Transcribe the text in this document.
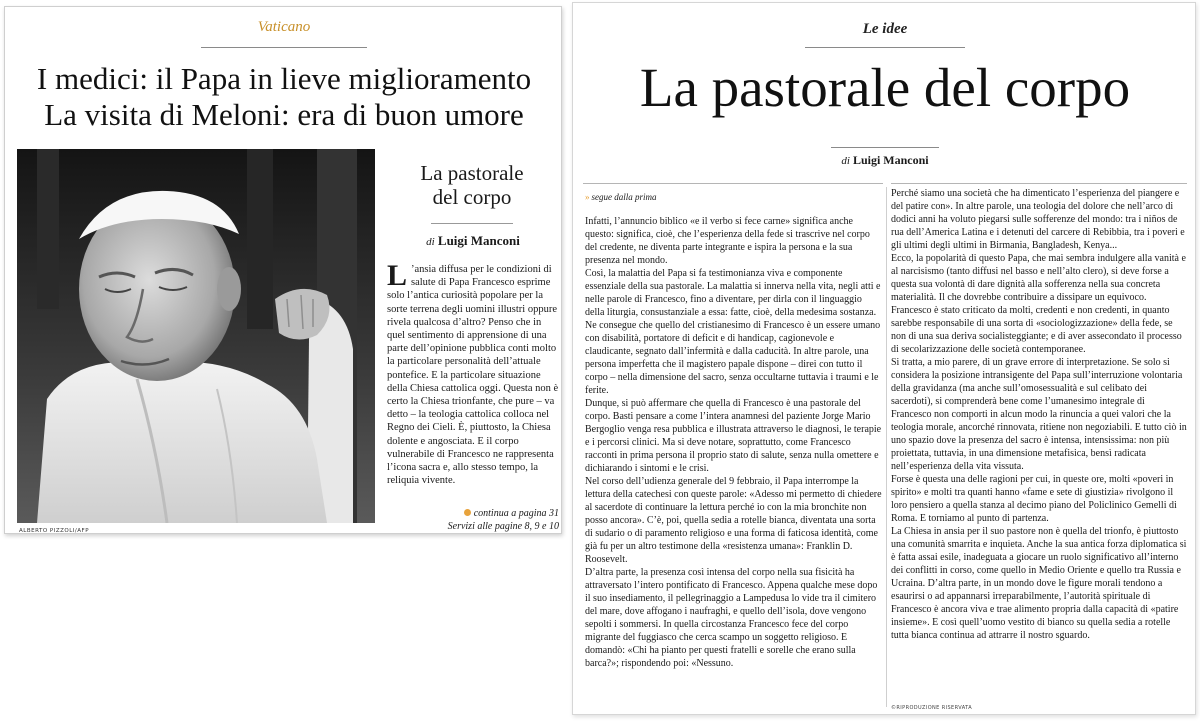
Vaticano
I medici: il Papa in lieve miglioramento
La visita di Meloni: era di buon umore
ALBERTO PIZZOLI/AFP
La pastorale
del corpo
di Luigi Manconi
L ’ansia diffusa per le condizioni di salute di Papa Francesco esprime solo l’antica curiosità popolare per la sorte terrena degli uomini illustri oppure rivela qualcosa d’altro? Penso che in quel sentimento di apprensione di una parte dell’opinione pubblica conti molto la particolare personalità dell’attuale pontefice. E la particolare situazione della Chiesa cattolica oggi. Questa non è certo la Chiesa trionfante, che pure – va detto – la teologia cattolica colloca nel Regno dei Cieli. È, piuttosto, la Chiesa dolente e angosciata. E il corpo vulnerabile di Francesco ne rappresenta l’icona sacra e, allo stesso tempo, la reliquia vivente.
continua a pagina 31
Servizi alle pagine 8, 9 e 10
Le idee
La pastorale del corpo
di Luigi Manconi
» segue dalla prima

Infatti, l’annuncio biblico «e il verbo si fece carne» significa anche questo: significa, cioè, che l’esperienza della fede si trascrive nel corpo del credente, ne diventa parte integrante e ispira la persona e la sua presenza nel mondo.

Così, la malattia del Papa si fa testimonianza viva e componente essenziale della sua pastorale. La malattia si innerva nella vita, negli atti e nelle parole di Francesco, fino a diventare, per dirla con il linguaggio della liturgia, consustanziale a essa: fatte, cioè, della medesima sostanza. Ne consegue che quello del cristianesimo di Francesco è un essere umano con disabilità, portatore di deficit e di handicap, cagionevole e claudicante, segnato dall’infermità e dalla caducità. In altre parole, una persona imperfetta che il magistero papale dispone – direi con tutto il corpo – nella dimensione del sacro, senza occultarne tuttavia i traumi e le ferite.

Dunque, si può affermare che quella di Francesco è una pastorale del corpo. Basti pensare a come l’intera anamnesi del paziente Jorge Mario Bergoglio venga resa pubblica e illustrata attraverso le diagnosi, le terapie e i percorsi clinici. Ma si deve notare, soprattutto, come Francesco racconti in prima persona il proprio stato di salute, senza nulla omettere e dichiarando i sintomi e le crisi.

Nel corso dell’udienza generale del 9 febbraio, il Papa interrompe la lettura della catechesi con queste parole: «Adesso mi permetto di chiedere al sacerdote di continuare la lettura perché io con la mia bronchite non posso ancora». C’è, poi, quella sedia a rotelle bianca, diventata una sorta di sudario o di paramento religioso e una forma di faticosa identità, come già fu per un altro testimone della «resistenza umana»: Franklin D. Roosevelt.

D’altra parte, la presenza così intensa del corpo nella sua fisicità ha attraversato l’intero pontificato di Francesco. Appena qualche mese dopo il suo insediamento, il pellegrinaggio a Lampedusa lo vide tra il cimitero del mare, dove affogano i naufraghi, e quello dell’isola, dove vengono sepolti i sommersi. In quella circostanza Francesco fece del corpo migrante del fuggiasco che cerca scampo un soggetto religioso. E domandò: «Chi ha pianto per questi fratelli e sorelle che erano sulla barca?»; rispondendo poi: «Nessuno.

Perché siamo una società che ha dimenticato l’esperienza del piangere e del patire con». In altre parole, una teologia del dolore che nell’arco di dodici anni ha voluto piegarsi sulle sofferenze del mondo: tra i niños de rua dell’America Latina e i detenuti del carcere di Rebibbia, tra i poveri e gli ultimi degli ultimi in Birmania, Bangladesh, Kenya...

Ecco, la popolarità di questo Papa, che mai sembra indulgere alla vanità e al narcisismo (tanto diffusi nel basso e nell’alto clero), si deve forse a questa sua volontà di dare dignità alla sofferenza nella sua concreta materialità. Il che dovrebbe contribuire a dissipare un equivoco. Francesco è stato criticato da molti, credenti e non credenti, in quanto sarebbe responsabile di una sorta di «sociologizzazione» della fede, se non di una sua deriva socialisteggiante; e di aver assecondato il processo di secolarizzazione delle società contemporanee.

Si tratta, a mio parere, di un grave errore di interpretazione. Se solo si considera la posizione intransigente del Papa sull’interruzione volontaria della gravidanza (ma anche sull’omosessualità e sul celibato dei sacerdoti), si comprenderà bene come l’umanesimo integrale di Francesco non comporti in alcun modo la rinuncia a quei valori che la teologia morale, ancorché rinnovata, ritiene non negoziabili. E tutto ciò in uno spazio dove la presenza del sacro è intensa, intensissima: non più proiettata, tuttavia, in una dimensione metafisica, bensì radicata nell’esperienza della vita vissuta.

Forse è questa una delle ragioni per cui, in queste ore, molti «poveri in spirito» e molti tra quanti hanno «fame e sete di giustizia» rivolgono il loro pensiero a quella stanza al decimo piano del Policlinico Gemelli di Roma. E torniamo al punto di partenza.

La Chiesa in ansia per il suo pastore non è quella del trionfo, è piuttosto una comunità smarrita e inquieta. Anche la sua antica forza diplomatica si è fatta assai esile, inadeguata a giocare un ruolo significativo all’interno dei conflitti in corso, come quello in Medio Oriente e quello tra Russia e Ucraina. D’altra parte, in un mondo dove le figure morali tendono a esaurirsi o ad appannarsi irreparabilmente, l’autorità spirituale di Francesco è ancora viva e trae alimento propria dalla capacità di «patire insieme». E così quell’uomo vestito di bianco su quella sedia a rotelle tutta bianca continua ad attrarre il nostro sguardo.

©RIPRODUZIONE RISERVATA
